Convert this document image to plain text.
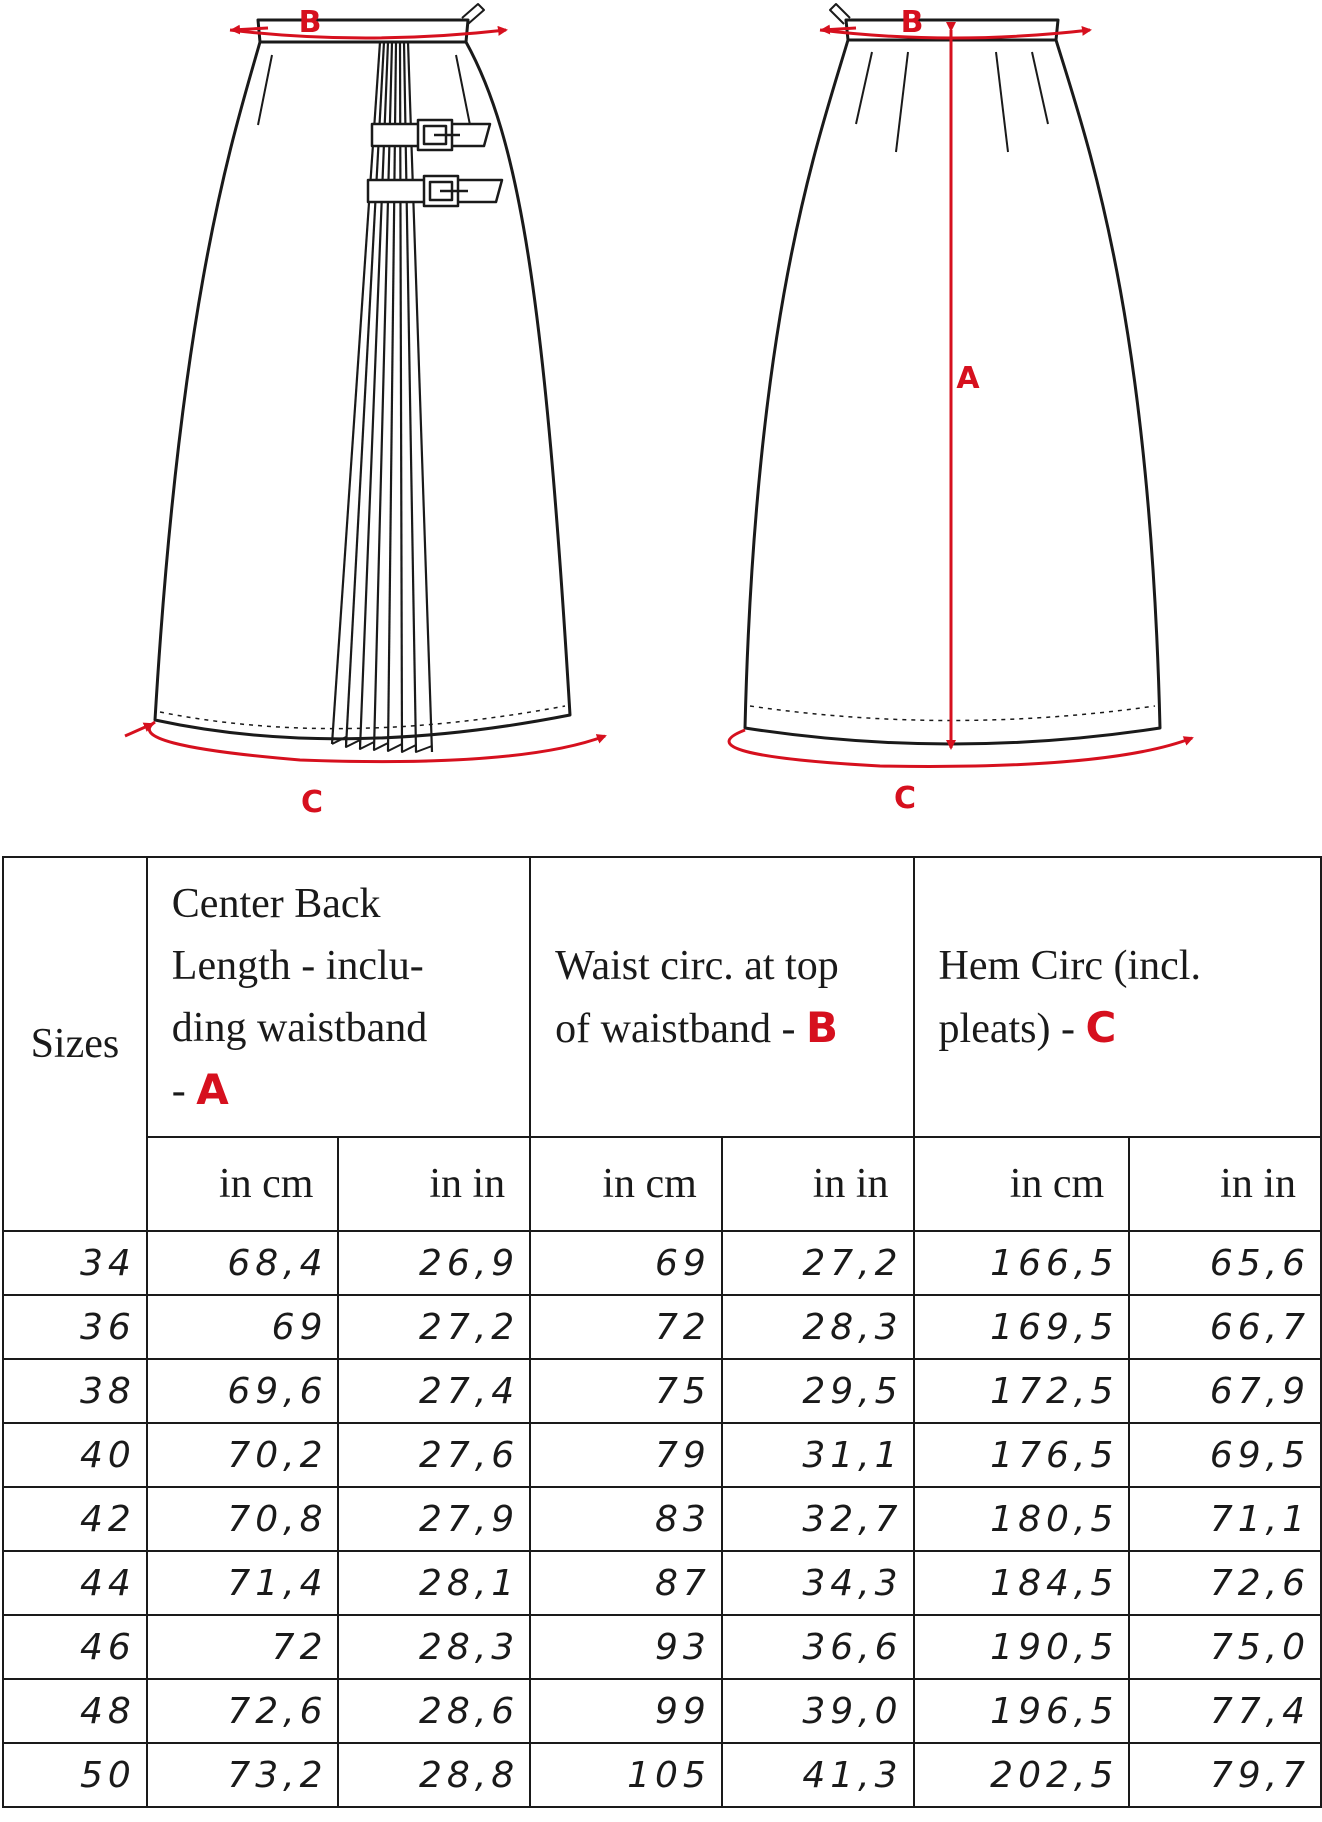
B
C
B
A
C
Sizes	Center Back
Length - inclu-
ding waistband
- A		Waist circ. at top
of waistband - B		Hem Circ (incl.
pleats) - C	
	in cm	in in	in cm	in in	in cm	in in
34	68,4	26,9	69	27,2	166,5	65,6
36	69	27,2	72	28,3	169,5	66,7
38	69,6	27,4	75	29,5	172,5	67,9
40	70,2	27,6	79	31,1	176,5	69,5
42	70,8	27,9	83	32,7	180,5	71,1
44	71,4	28,1	87	34,3	184,5	72,6
46	72	28,3	93	36,6	190,5	75,0
48	72,6	28,6	99	39,0	196,5	77,4
50	73,2	28,8	105	41,3	202,5	79,7
